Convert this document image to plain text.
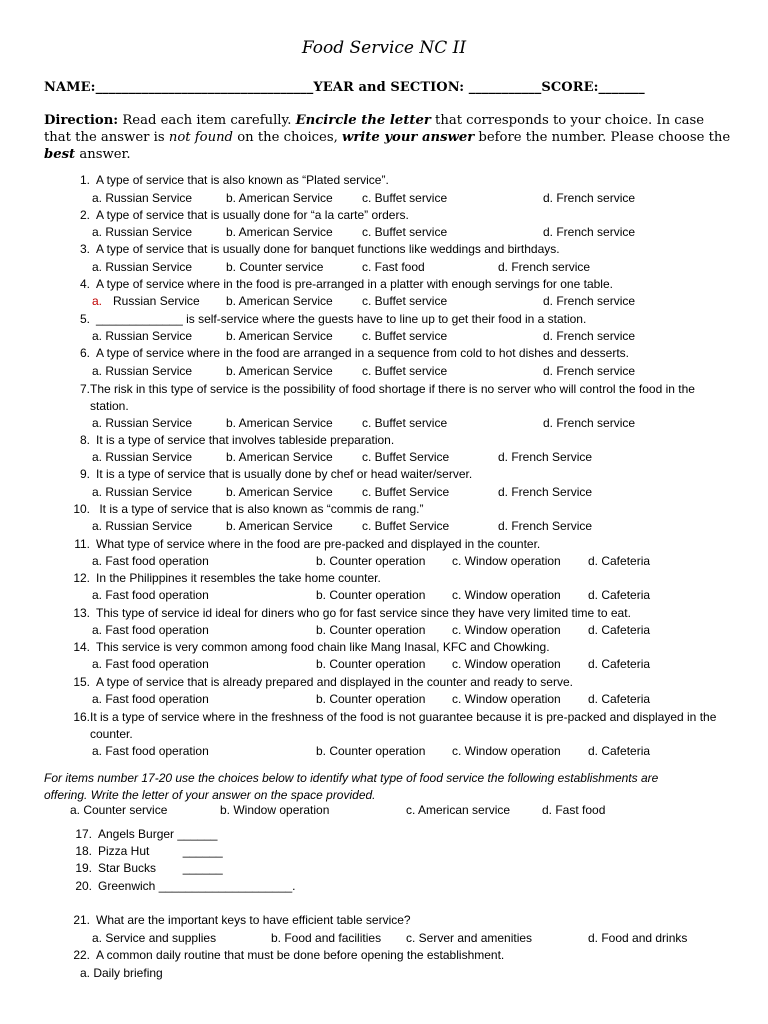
Food Service NC II
NAME:_________________________________YEAR and SECTION: ___________SCORE:_______
Direction: Read each item carefully. Encircle the letter that corresponds to your choice. In case that the answer is not found on the choices, write your answer before the number. Please choose the best answer.
1. A type of service that is also known as “Plated service”.
a. Russian Service	b. American Service c. Buffet service	d. French service
2. A type of service that is usually done for “a la carte” orders.
a. Russian Service	b. American Service c. Buffet service	d. French service
3. A type of service that is usually done for banquet functions like weddings and birthdays.
a. Russian Service	b. Counter service	c. Fast food	d. French service
4. A type of service where in the food is pre-arranged in a platter with enough servings for one table.
a. Russian Service b. American Service c. Buffet service	d. French service
5. _____________ is self-service where the guests have to line up to get their food in a station.
a. Russian Service	b. American Service c. Buffet service	d. French service
6. A type of service where in the food are arranged in a sequence from cold to hot dishes and desserts.
a. Russian Service	b. American Service c. Buffet service	d. French service
7. The risk in this type of service is the possibility of food shortage if there is no server who will control the food in the station.
a. Russian Service	b. American Service c. Buffet service	d. French service
8. It is a type of service that involves tableside preparation.
a. Russian Service	b. American Service c. Buffet Service	d. French Service
9. It is a type of service that is usually done by chef or head waiter/server.
a. Russian Service	b. American Service c. Buffet Service	d. French Service
10. It is a type of service that is also known as “commis de rang.”
a. Russian Service	b. American Service c. Buffet Service	d. French Service
11. What type of service where in the food are pre-packed and displayed in the counter.
a. Fast food operation	b. Counter operation c. Window operation d. Cafeteria
12. In the Philippines it resembles the take home counter.
a. Fast food operation	b. Counter operation c. Window operation d. Cafeteria
13. This type of service id ideal for diners who go for fast service since they have very limited time to eat.
a. Fast food operation	b. Counter operation c. Window operation d. Cafeteria
14. This service is very common among food chain like Mang Inasal, KFC and Chowking.
a. Fast food operation	b. Counter operation c. Window operation d. Cafeteria
15. A type of service that is already prepared and displayed in the counter and ready to serve.
a. Fast food operation	b. Counter operation c. Window operation d. Cafeteria
16. It is a type of service where in the freshness of the food is not guarantee because it is pre-packed and displayed in the counter.
a. Fast food operation	b. Counter operation c. Window operation d. Cafeteria
For items number 17-20 use the choices below to identify what type of food service the following establishments are offering. Write the letter of your answer on the space provided.
a. Counter service	b. Window operation	c. American service	d. Fast food
17. Angels Burger ______
18. Pizza Hut          ______
19. Star Bucks        ______
20. Greenwich ____________________.
21. What are the important keys to have efficient table service?
a. Service and supplies	b. Food and facilities c. Server and amenities	d. Food and drinks
22. A common daily routine that must be done before opening the establishment.
a. Daily briefing
